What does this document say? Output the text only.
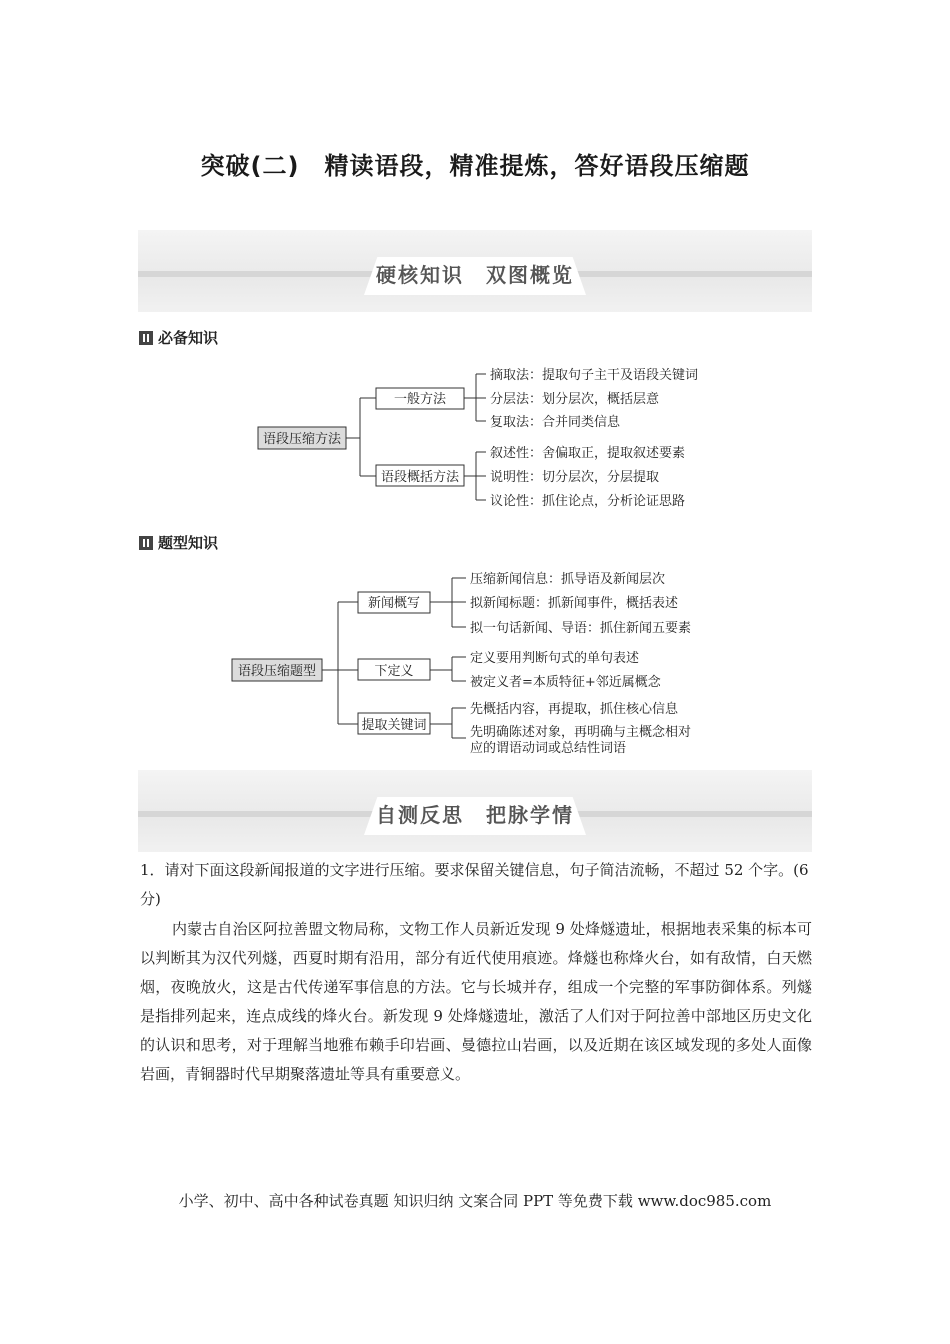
突破(二)　精读语段，精准提炼，答好语段压缩题
硬核知识　双图概览
必备知识
语段压缩方法
一般方法
语段概括方法
摘取法：提取句子主干及语段关键词
分层法：划分层次，概括层意
复取法：合并同类信息
叙述性：舍偏取正，提取叙述要素
说明性：切分层次，分层提取
议论性：抓住论点，分析论证思路
语段压缩题型
新闻概写
下定义
提取关键词
压缩新闻信息：抓导语及新闻层次
拟新闻标题：抓新闻事件，概括表述
拟一句话新闻、导语：抓住新闻五要素
定义要用判断句式的单句表述
被定义者=本质特征+邻近属概念
先概括内容，再提取，抓住核心信息
先明确陈述对象，再明确与主概念相对
应的谓语动词或总结性词语
题型知识
自测反思　把脉学情
1．请对下面这段新闻报道的文字进行压缩。要求保留关键信息，句子简洁流畅，不超过 52 个字。(6 分)
内蒙古自治区阿拉善盟文物局称，文物工作人员新近发现 9 处烽燧遗址，根据地表采集的标本可以判断其为汉代列燧，西夏时期有沿用，部分有近代使用痕迹。烽燧也称烽火台，如有敌情，白天燃烟，夜晚放火，这是古代传递军事信息的方法。它与长城并存，组成一个完整的军事防御体系。列燧是指排列起来，连点成线的烽火台。新发现 9 处烽燧遗址，激活了人们对于阿拉善中部地区历史文化的认识和思考，对于理解当地雅布赖手印岩画、曼德拉山岩画，以及近期在该区域发现的多处人面像岩画，青铜器时代早期聚落遗址等具有重要意义。
小学、初中、高中各种试卷真题 知识归纳 文案合同 PPT 等免费下载 www.doc985.com
